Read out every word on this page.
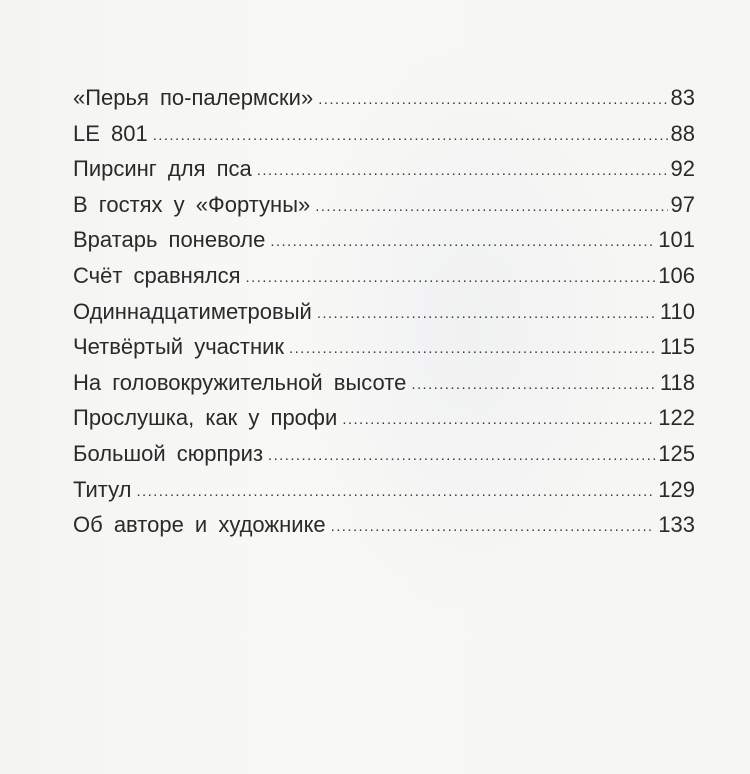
«Перья по-палермски» .....	83
LE 801 .....	88
Пирсинг для пса .....	92
В гостях у «Фортуны» .....	97
Вратарь поневоле .....	101
Счёт сравнялся .....	106
Одиннадцатиметровый .....	110
Четвёртый участник .....	115
На головокружительной высоте .....	118
Прослушка, как у профи .....	122
Большой сюрприз .....	125
Титул .....	129
Об авторе и художнике .....	133
